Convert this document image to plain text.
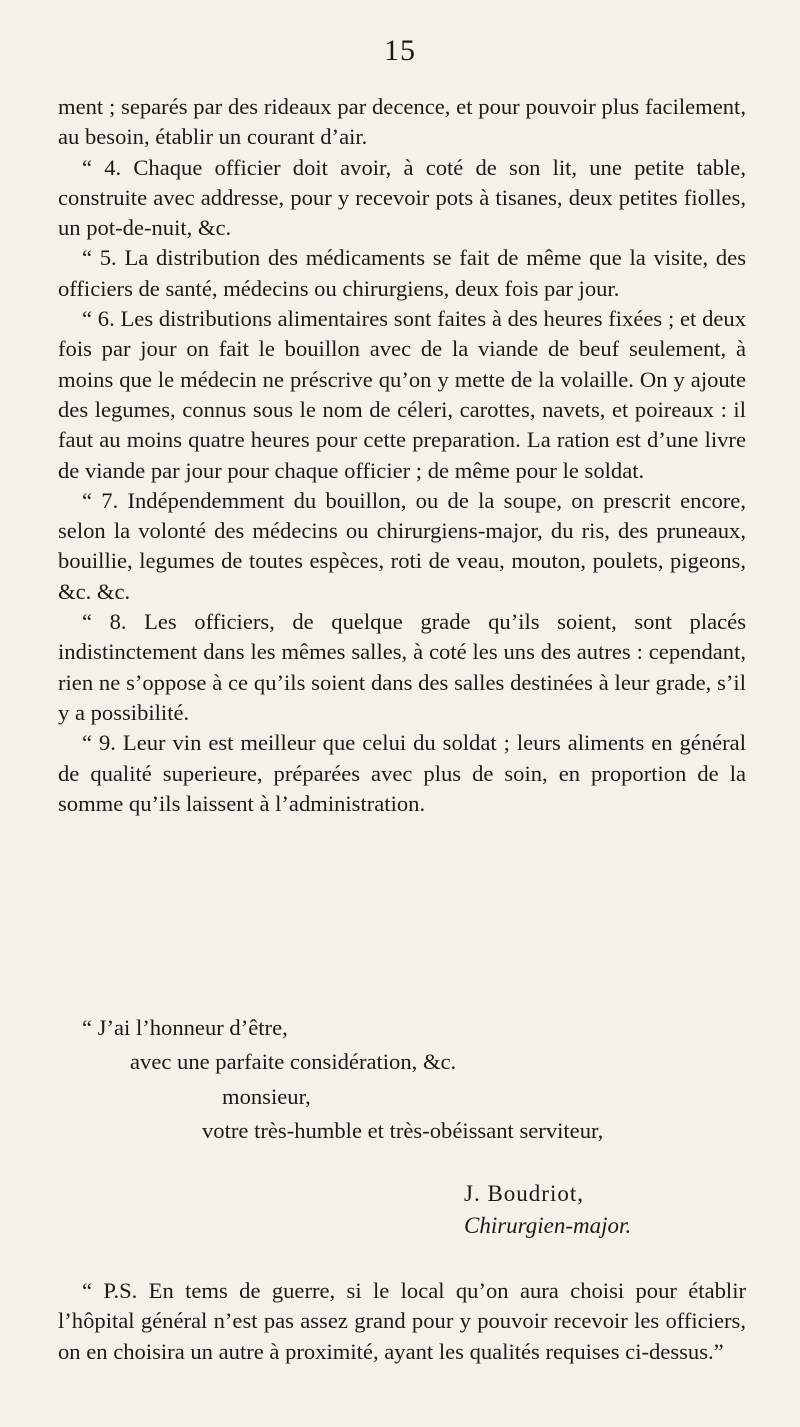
15

ment ; separés par des rideaux par decence, et pour pouvoir plus facilement, au besoin, établir un courant d’air.

“ 4. Chaque officier doit avoir, à coté de son lit, une petite table, construite avec addresse, pour y recevoir pots à tisanes, deux petites fiolles, un pot-de-nuit, &c.

“ 5. La distribution des médicaments se fait de même que la visite, des officiers de santé, médecins ou chirurgiens, deux fois par jour.

“ 6. Les distributions alimentaires sont faites à des heures fixées ; et deux fois par jour on fait le bouillon avec de la viande de beuf seulement, à moins que le médecin ne préscrive qu’on y mette de la volaille. On y ajoute des legumes, connus sous le nom de céleri, carottes, navets, et poireaux : il faut au moins quatre heures pour cette preparation. La ration est d’une livre de viande par jour pour chaque officier ; de même pour le soldat.

“ 7. Indépendemment du bouillon, ou de la soupe, on prescrit encore, selon la volonté des médecins ou chirurgiens-major, du ris, des pruneaux, bouillie, legumes de toutes espèces, roti de veau, mouton, poulets, pigeons, &c. &c.

“ 8. Les officiers, de quelque grade qu’ils soient, sont placés indistinctement dans les mêmes salles, à coté les uns des autres : cependant, rien ne s’oppose à ce qu’ils soient dans des salles destinées à leur grade, s’il y a possibilité.

“ 9. Leur vin est meilleur que celui du soldat ; leurs aliments en général de qualité superieure, préparées avec plus de soin, en proportion de la somme qu’ils laissent à l’administration.

“ J’ai l’honneur d’être,
avec une parfaite considération, &c.
monsieur,
votre très-humble et très-obéissant serviteur,
J. Boudriot,
Chirurgien-major.
“ P.S. En tems de guerre, si le local qu’on aura choisi pour établir l’hôpital général n’est pas assez grand pour y pouvoir recevoir les officiers, on en choisira un autre à proximité, ayant les qualités requises ci-dessus.”
